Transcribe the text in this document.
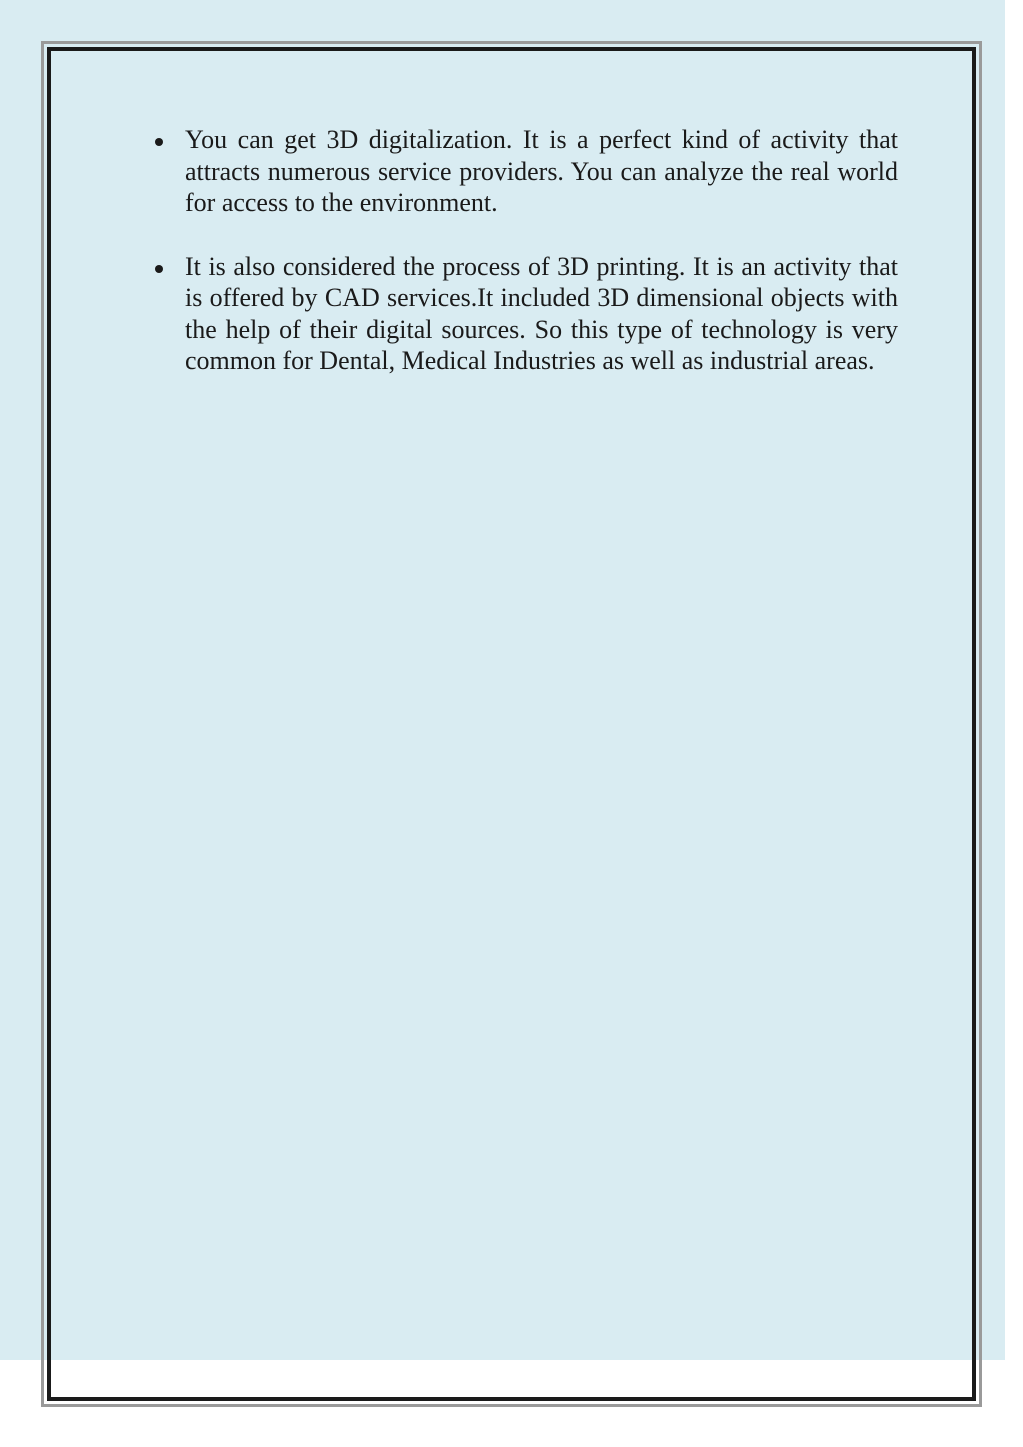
You can get 3D digitalization. It is a perfect kind of activity that attracts numerous service providers. You can analyze the real world for access to the environment.
It is also considered the process of 3D printing. It is an activity that is offered by CAD services.It included 3D dimensional objects with the help of their digital sources. So this type of technology is very common for Dental, Medical Industries as well as industrial areas.
